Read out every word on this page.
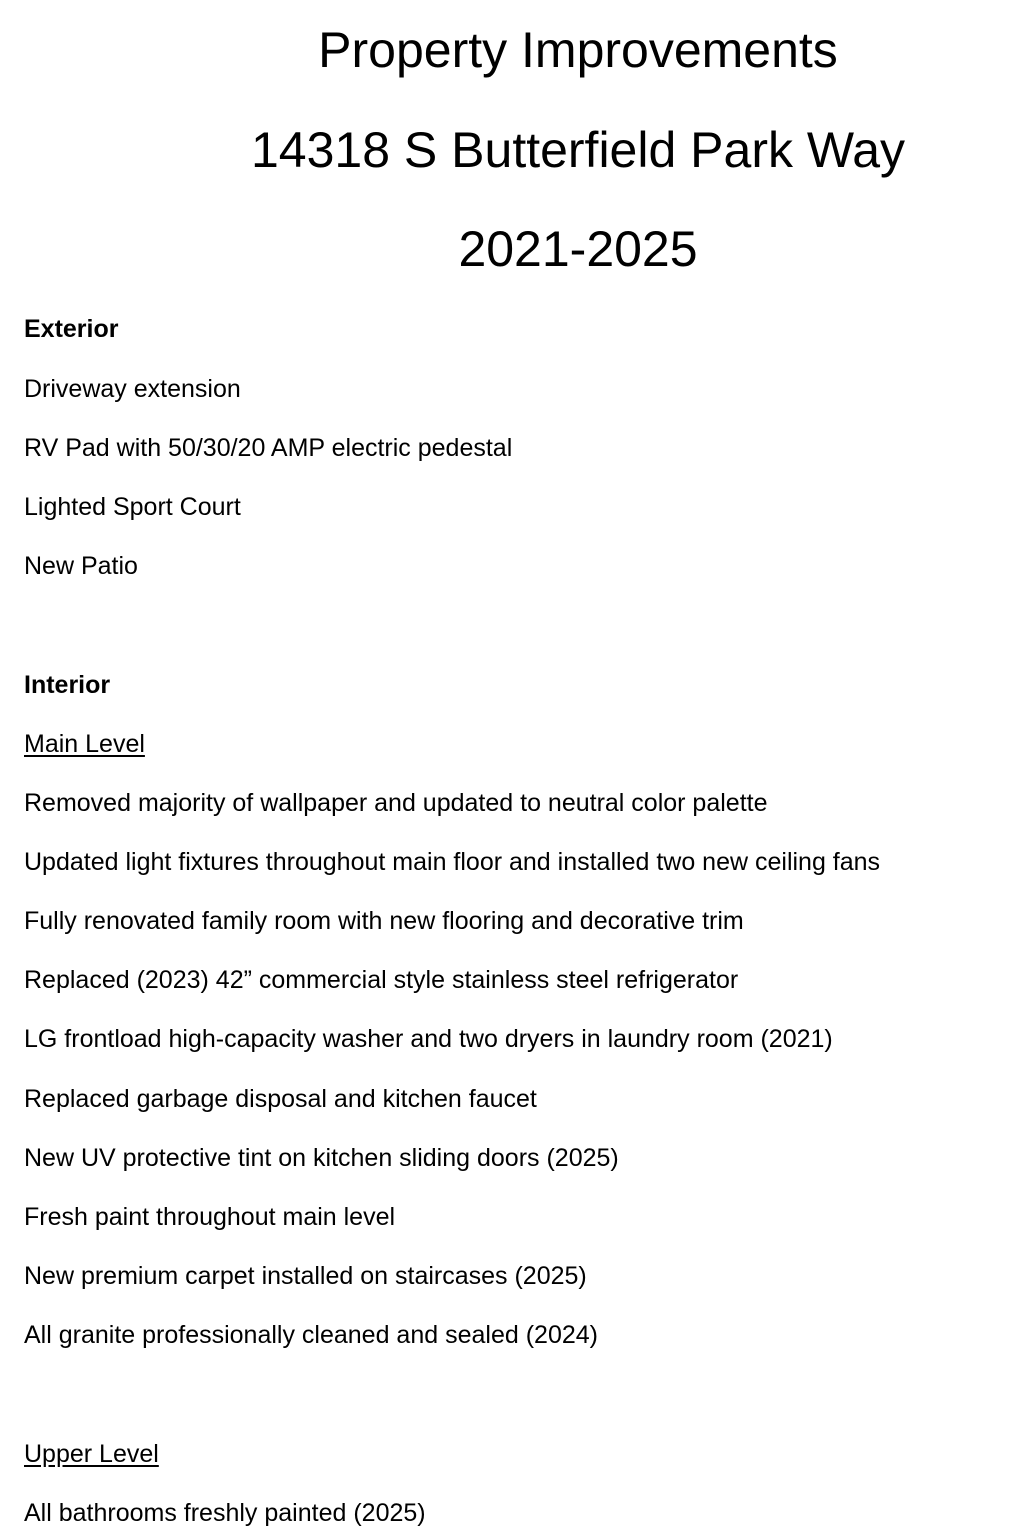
Property Improvements
14318 S Butterfield Park Way
2021-2025
Exterior
Driveway extension
RV Pad with 50/30/20 AMP electric pedestal
Lighted Sport Court
New Patio
Interior
Main Level
Removed majority of wallpaper and updated to neutral color palette
Updated light fixtures throughout main floor and installed two new ceiling fans
Fully renovated family room with new flooring and decorative trim
Replaced (2023) 42” commercial style stainless steel refrigerator
LG frontload high-capacity washer and two dryers in laundry room (2021)
Replaced garbage disposal and kitchen faucet
New UV protective tint on kitchen sliding doors (2025)
Fresh paint throughout main level
New premium carpet installed on staircases (2025)
All granite professionally cleaned and sealed (2024)
Upper Level
All bathrooms freshly painted (2025)
